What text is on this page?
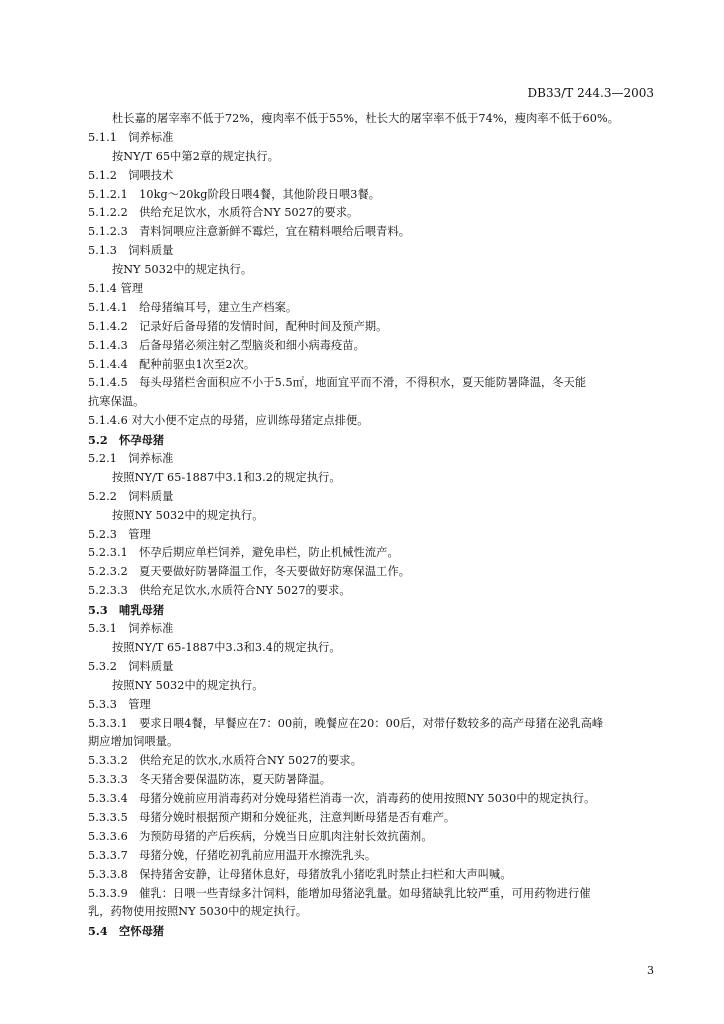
DB33/T 244.3—2003
杜长嘉的屠宰率不低于72%，瘦肉率不低于55%，杜长大的屠宰率不低于74%，瘦肉率不低于60%。
5.1.1　饲养标准
按NY/T 65中第2章的规定执行。
5.1.2　饲喂技术
5.1.2.1　10kg～20kg阶段日喂4餐，其他阶段日喂3餐。
5.1.2.2　供给充足饮水，水质符合NY 5027的要求。
5.1.2.3　青料饲喂应注意新鲜不霉烂，宜在精料喂给后喂青料。
5.1.3　饲料质量
按NY 5032中的规定执行。
5.1.4 管理
5.1.4.1　给母猪编耳号，建立生产档案。
5.1.4.2　记录好后备母猪的发情时间，配种时间及预产期。
5.1.4.3　后备母猪必须注射乙型脑炎和细小病毒疫苗。
5.1.4.4　配种前驱虫1次至2次。
5.1.4.5　每头母猪栏舍面积应不小于5.5㎡，地面宜平而不滑，不得积水，夏天能防暑降温，冬天能
抗寒保温。
5.1.4.6 对大小便不定点的母猪，应训练母猪定点排便。
5.2　怀孕母猪
5.2.1　饲养标准
按照NY/T 65-1887中3.1和3.2的规定执行。
5.2.2　饲料质量
按照NY 5032中的规定执行。
5.2.3　管理
5.2.3.1　怀孕后期应单栏饲养，避免串栏，防止机械性流产。
5.2.3.2　夏天要做好防暑降温工作，冬天要做好防寒保温工作。
5.2.3.3　供给充足饮水,水质符合NY 5027的要求。
5.3　哺乳母猪
5.3.1　饲养标准
按照NY/T 65-1887中3.3和3.4的规定执行。
5.3.2　饲料质量
按照NY 5032中的规定执行。
5.3.3　管理
5.3.3.1　要求日喂4餐，早餐应在7：00前，晚餐应在20：00后，对带仔数较多的高产母猪在泌乳高峰
期应增加饲喂量。
5.3.3.2　供给充足的饮水,水质符合NY 5027的要求。
5.3.3.3　冬天猪舍要保温防冻，夏天防暑降温。
5.3.3.4　母猪分娩前应用消毒药对分娩母猪栏消毒一次，消毒药的使用按照NY 5030中的规定执行。
5.3.3.5　母猪分娩时根据预产期和分娩征兆，注意判断母猪是否有难产。
5.3.3.6　为预防母猪的产后疾病，分娩当日应肌肉注射长效抗菌剂。
5.3.3.7　母猪分娩，仔猪吃初乳前应用温开水擦洗乳头。
5.3.3.8　保持猪舍安静，让母猪休息好，母猪放乳小猪吃乳时禁止扫栏和大声叫喊。
5.3.3.9　催乳：日喂一些青绿多汁饲料，能增加母猪泌乳量。如母猪缺乳比较严重，可用药物进行催
乳，药物使用按照NY 5030中的规定执行。
5.4　空怀母猪
3
